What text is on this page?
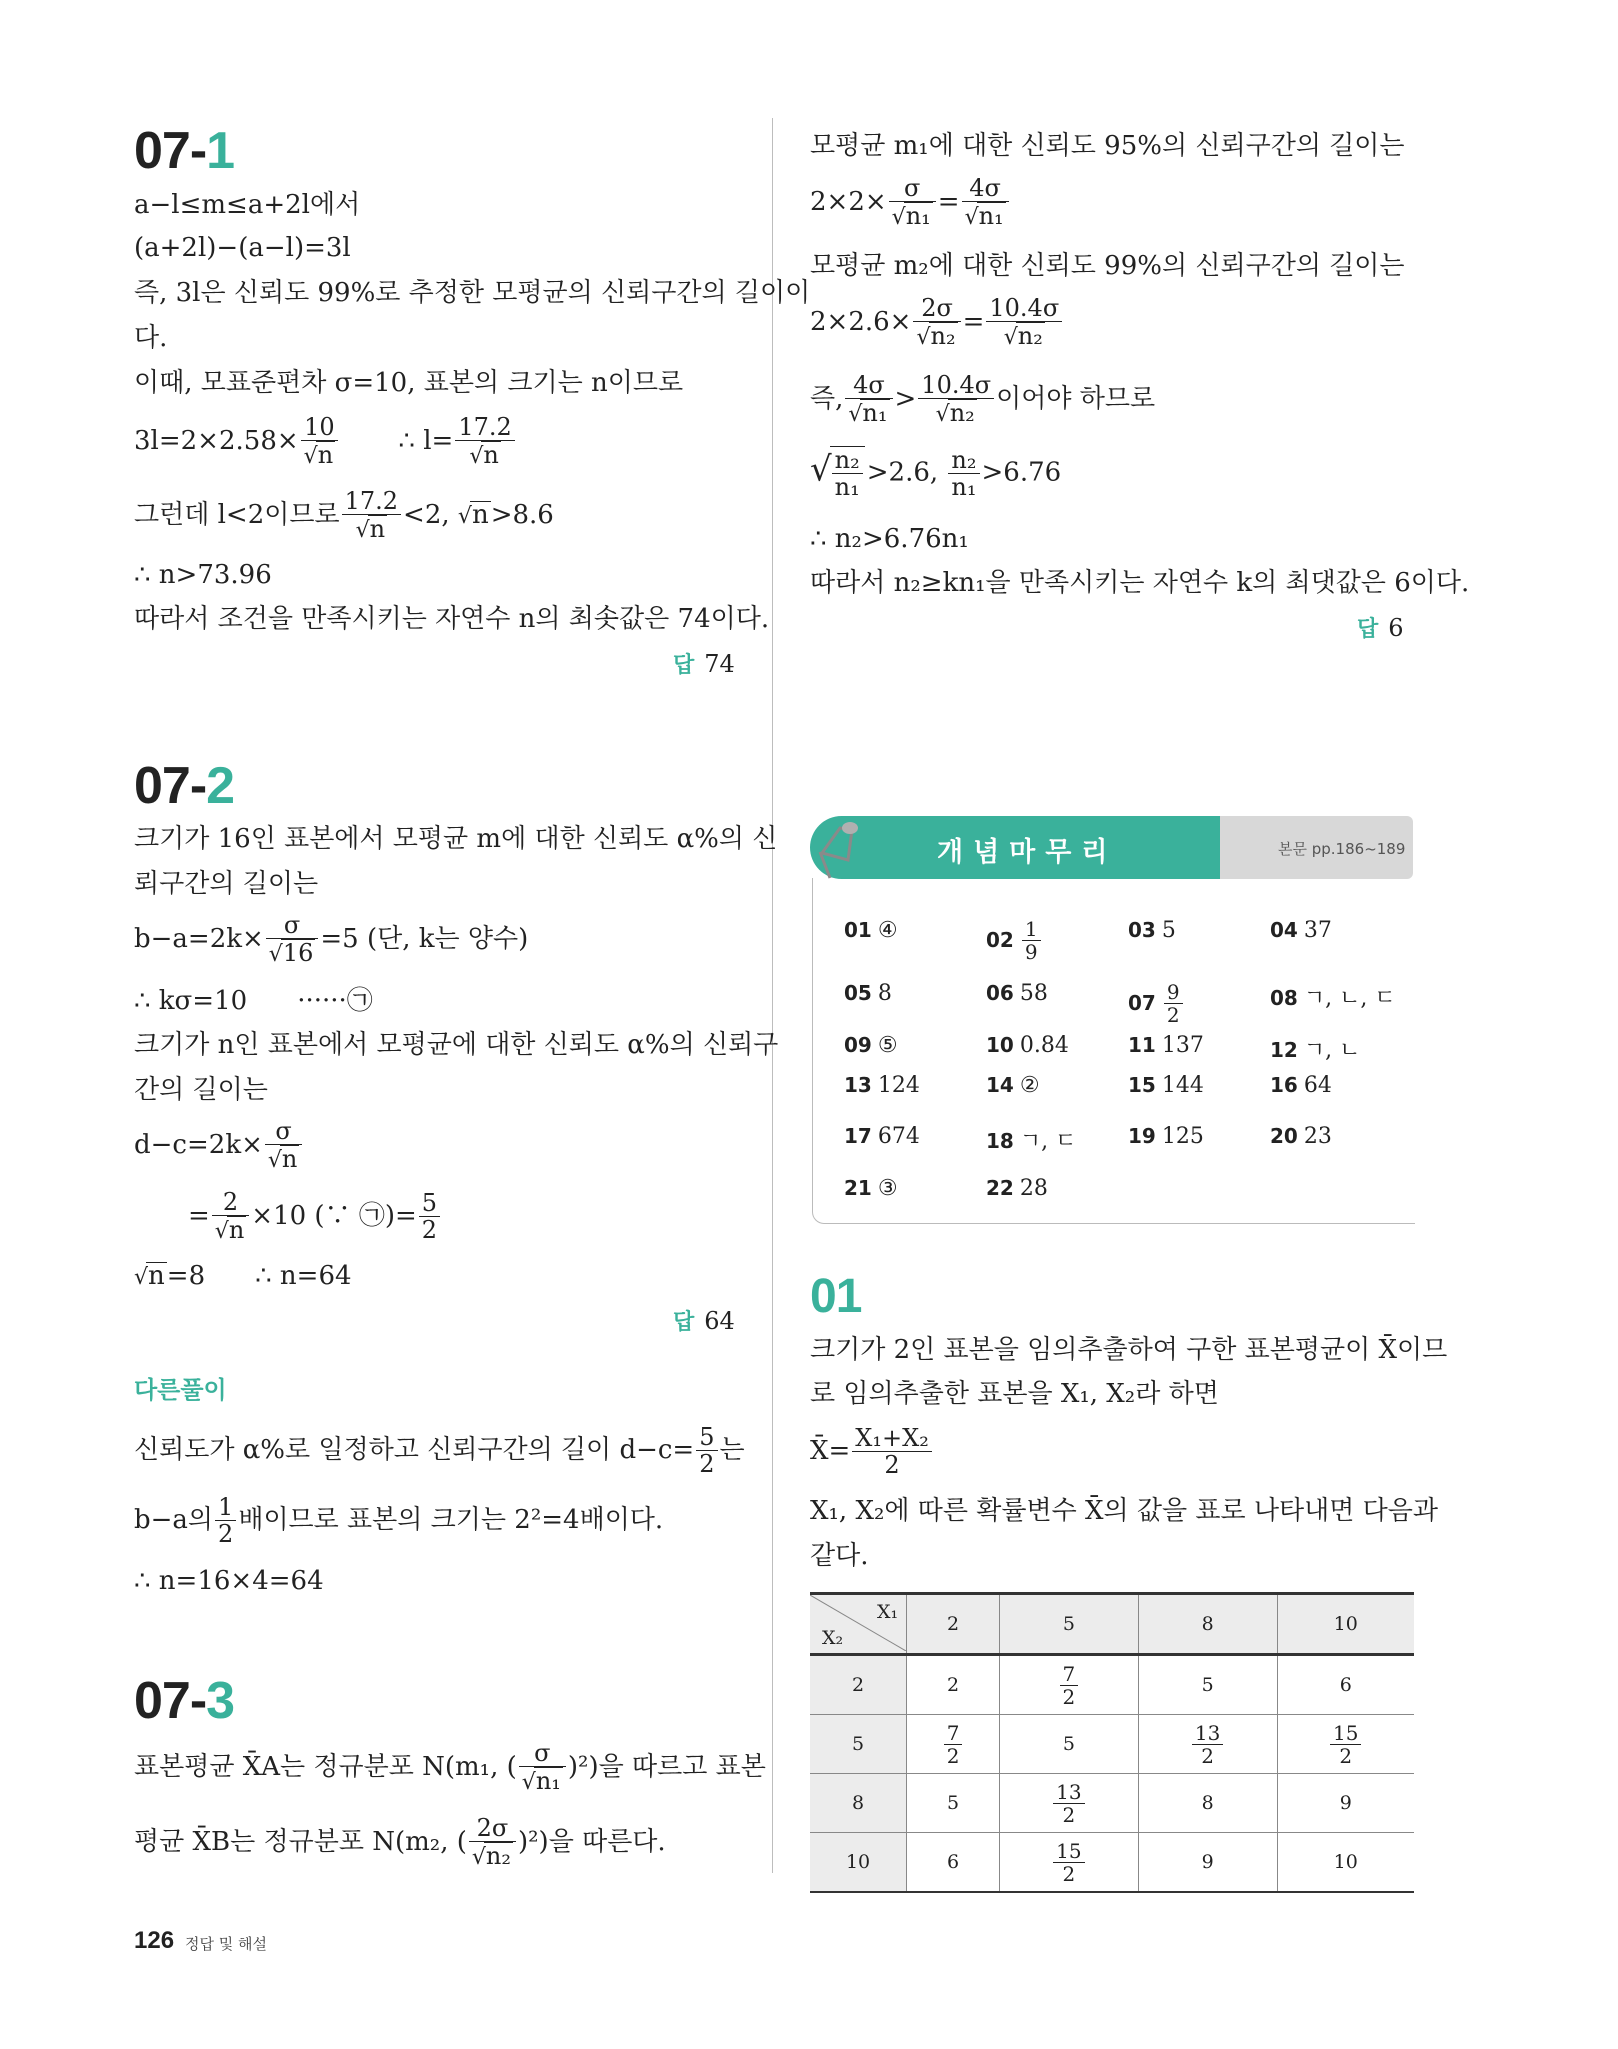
07-1
a−l≤m≤a+2l에서
(a+2l)−(a−l)=3l
즉, 3l은 신뢰도 99%로 추정한 모평균의 신뢰구간의 길이이
다.
이때, 모표준편차 σ=10, 표본의 크기는 n이므로
$3l=2\times 2.58\times \frac{10}{√n}$ ∴ $l= \frac{17.2}{√n}$
그런데 l<2이므로 $\frac{17.2}{√n} <2$, √n>8.6
∴ n>73.96
따라서 조건을 만족시키는 자연수 n의 최솟값은 74이다.
답 74
07-2
크기가 16인 표본에서 모평균 m에 대한 신뢰도 α%의 신
뢰구간의 길이는
$b-a=2k\times \frac{\sigma}{√16} =5$ (단, k는 양수)
∴ kσ=10 ······㉠
크기가 n인 표본에서 모평균에 대한 신뢰도 α%의 신뢰구
간의 길이는
$d-c=2k\times \frac{\sigma}{√n}$
= $\frac{2}{√n} \times 10$ (∵ ㉠)= $\frac{5}{2}$
√n=8 ∴ n=64
답 64
다른풀이
신뢰도가 α%로 일정하고 신뢰구간의 길이 $d-c= \frac{5}{2}$ 는
b−a의 $\frac{1}{2}$ 배이므로 표본의 크기는 2²=4배이다.
∴ n=16×4=64
07-3
표본평균 X̄A는 정규분포 N(m₁, ( $\frac{\sigma}{\text{√n₁}} )^2$)을 따르고 표본
평균 X̄B는 정규분포 N(m₂, ( $\frac{2\sigma}{\text{√n₂}} )^2$)을 따른다.
모평균 m₁에 대한 신뢰도 95%의 신뢰구간의 길이는
$2\times 2\times \frac{\sigma}{\text{√n₁}} = \frac{4\sigma}{\text{√n₁}}$
모평균 m₂에 대한 신뢰도 99%의 신뢰구간의 길이는
$2\times 2.6\times \frac{2\sigma}{\text{√n₂}} = \frac{10.4\sigma}{\text{√n₂}}$
즉, $\frac{4\sigma}{\text{√n₁}} > \frac{10.4\sigma}{\text{√n₂}}$ 이어야 하므로
√
$\frac{\text{n₂}}{\text{n₁}} >2.6$, $\frac{\text{n₂}}{\text{n₁}} >6.76$
∴ n₂>6.76n₁
따라서 n₂≥kn₁을 만족시키는 자연수 k의 최댓값은 6이다.
답 6
본문 pp.186~189
개념마무리
01 ④	$02 \frac{1}{9}$	03 5	04 37
05 8	06 58	$07 \frac{9}{2}$	08 ㄱ, ㄴ, ㄷ
09 ⑤	10 0.84	11 137	12 ㄱ, ㄴ
13 124	14 ②	15 144	16 64
17 674	18 ㄱ, ㄷ	19 125	20 23
21 ③	22 28
01
크기가 2인 표본을 임의추출하여 구한 표본평균이 X̄이므
로 임의추출한 표본을 X₁, X₂라 하면
X̄= $\frac{\text{X₁+X₂}}{2}$
X₁, X₂에 따른 확률변수 X̄의 값을 표로 나타내면 다음과
같다.
X₁
X₂	2	5	8	10
2	2	$\frac{7}{2}$	5	6
5	$\frac{7}{2}$	5	$\frac{13}{2}$	$\frac{15}{2}$

8	5	$\frac{13}{2}$	8	9
10	6	$\frac{15}{2}$	9	10
126 정답 및 해설
